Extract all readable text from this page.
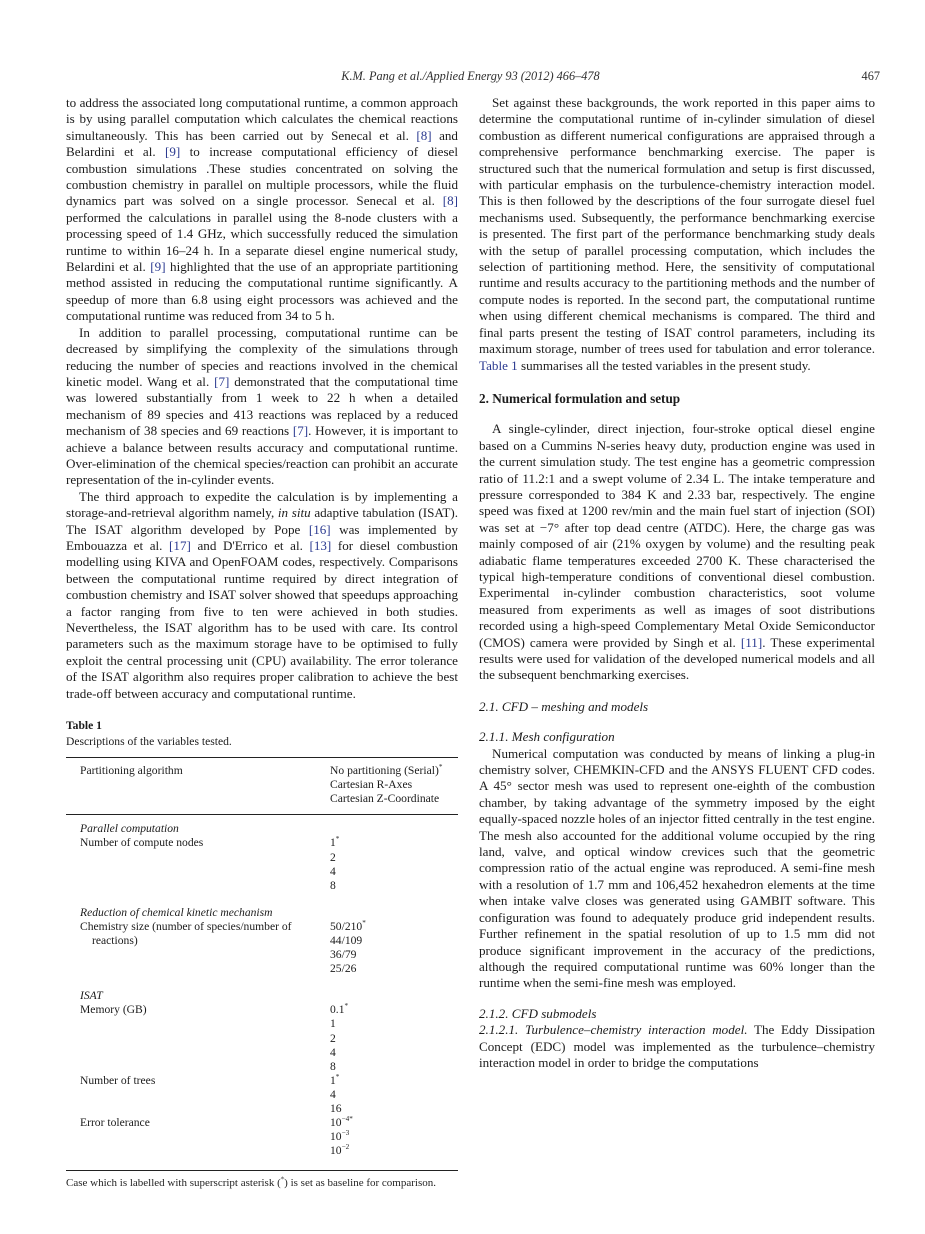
K.M. Pang et al./Applied Energy 93 (2012) 466–478	467

to address the associated long computational runtime, a common approach is by using parallel computation which calculates the chemical reactions simultaneously. This has been carried out by Senecal et al. [8] and Belardini et al. [9] to increase computational efficiency of diesel combustion simulations .These studies concentrated on solving the combustion chemistry in parallel on multiple processors, while the fluid dynamics part was solved on a single processor. Senecal et al. [8] performed the calculations in parallel using the 8-node clusters with a processing speed of 1.4 GHz, which successfully reduced the simulation runtime to within 16–24 h. In a separate diesel engine numerical study, Belardini et al. [9] highlighted that the use of an appropriate partitioning method assisted in reducing the computational runtime significantly. A speedup of more than 6.8 using eight processors was achieved and the computational runtime was reduced from 34 to 5 h.

In addition to parallel processing, computational runtime can be decreased by simplifying the complexity of the simulations through reducing the number of species and reactions involved in the chemical kinetic model. Wang et al. [7] demonstrated that the computational time was lowered substantially from 1 week to 22 h when a detailed mechanism of 89 species and 413 reactions was replaced by a reduced mechanism of 38 species and 69 reactions [7]. However, it is important to achieve a balance between results accuracy and computational runtime. Over-elimination of the chemical species/reaction can prohibit an accurate representation of the in-cylinder events.

The third approach to expedite the calculation is by implementing a storage-and-retrieval algorithm namely, in situ adaptive tabulation (ISAT). The ISAT algorithm developed by Pope [16] was implemented by Embouazza et al. [17] and D'Errico et al. [13] for diesel combustion modelling using KIVA and OpenFOAM codes, respectively. Comparisons between the computational runtime required by direct integration of combustion chemistry and ISAT solver showed that speedups approaching a factor ranging from five to ten were achieved in both studies. Nevertheless, the ISAT algorithm has to be used with care. Its control parameters such as the maximum storage have to be optimised to fully exploit the central processing unit (CPU) availability. The error tolerance of the ISAT algorithm also requires proper calibration to achieve the best trade-off between accuracy and computational runtime.

Table 1
Descriptions of the variables tested.
Partitioning algorithm	No partitioning (Serial)*
Cartesian R-Axes
Cartesian Z-Coordinate
Parallel computation
Number of compute nodes	1*
2
4
8
Reduction of chemical kinetic mechanism
Chemistry size (number of species/number of reactions)
50/210*
44/109
36/79
25/26
ISAT
Memory (GB)	0.1*
1
2
4
8
Number of trees	1*
4
16
Error tolerance	$10^{-4*}$
$10^{-3}$
$10^{-2}$
Case which is labelled with superscript asterisk (*) is set as baseline for comparison.

Set against these backgrounds, the work reported in this paper aims to determine the computational runtime of in-cylinder simulation of diesel combustion as different numerical configurations are appraised through a comprehensive performance benchmarking exercise. The paper is structured such that the numerical formulation and setup is first discussed, with particular emphasis on the turbulence-chemistry interaction model. This is then followed by the descriptions of the four surrogate diesel fuel mechanisms used. Subsequently, the performance benchmarking exercise is presented. The first part of the performance benchmarking study deals with the setup of parallel processing computation, which includes the selection of partitioning method. Here, the sensitivity of computational runtime and results accuracy to the partitioning methods and the number of compute nodes is reported. In the second part, the computational runtime when using different chemical mechanisms is compared. The third and final parts present the testing of ISAT control parameters, including its maximum storage, number of trees used for tabulation and error tolerance. Table 1 summarises all the tested variables in the present study.

2. Numerical formulation and setup

A single-cylinder, direct injection, four-stroke optical diesel engine based on a Cummins N-series heavy duty, production engine was used in the current simulation study. The test engine has a geometric compression ratio of 11.2:1 and a swept volume of 2.34 L. The intake temperature and pressure corresponded to 384 K and 2.33 bar, respectively. The engine speed was fixed at 1200 rev/min and the main fuel start of injection (SOI) was set at −7° after top dead centre (ATDC). Here, the charge gas was mainly composed of air (21% oxygen by volume) and the resulting peak adiabatic flame temperatures exceeded 2700 K. These characterised the typical high-temperature conditions of conventional diesel combustion. Experimental in-cylinder combustion characteristics, soot volume measured from experiments as well as images of soot distributions recorded using a high-speed Complementary Metal Oxide Semiconductor (CMOS) camera were provided by Singh et al. [11]. These experimental results were used for validation of the developed numerical models and all the subsequent benchmarking exercises.

2.1. CFD – meshing and models
2.1.1. Mesh configuration

Numerical computation was conducted by means of linking a plug-in chemistry solver, CHEMKIN-CFD and the ANSYS FLUENT CFD codes. A 45° sector mesh was used to represent one-eighth of the combustion chamber, by taking advantage of the symmetry imposed by the eight equally-spaced nozzle holes of an injector fitted centrally in the test engine. The mesh also accounted for the additional volume occupied by the ring land, valve, and optical window crevices such that the geometric compression ratio of the actual engine was reproduced. A semi-fine mesh with a resolution of 1.7 mm and 106,452 hexahedron elements at the time when intake valve closes was generated using GAMBIT software. This configuration was found to adequately produce grid independent results. Further refinement in the spatial resolution of up to 1.5 mm did not produce significant improvement in the accuracy of the predictions, although the required computational runtime was 60% longer than the runtime when the semi-fine mesh was employed.

2.1.2. CFD submodels

2.1.2.1. Turbulence–chemistry interaction model. The Eddy Dissipation Concept (EDC) model was implemented as the turbulence–chemistry interaction model in order to bridge the computations
